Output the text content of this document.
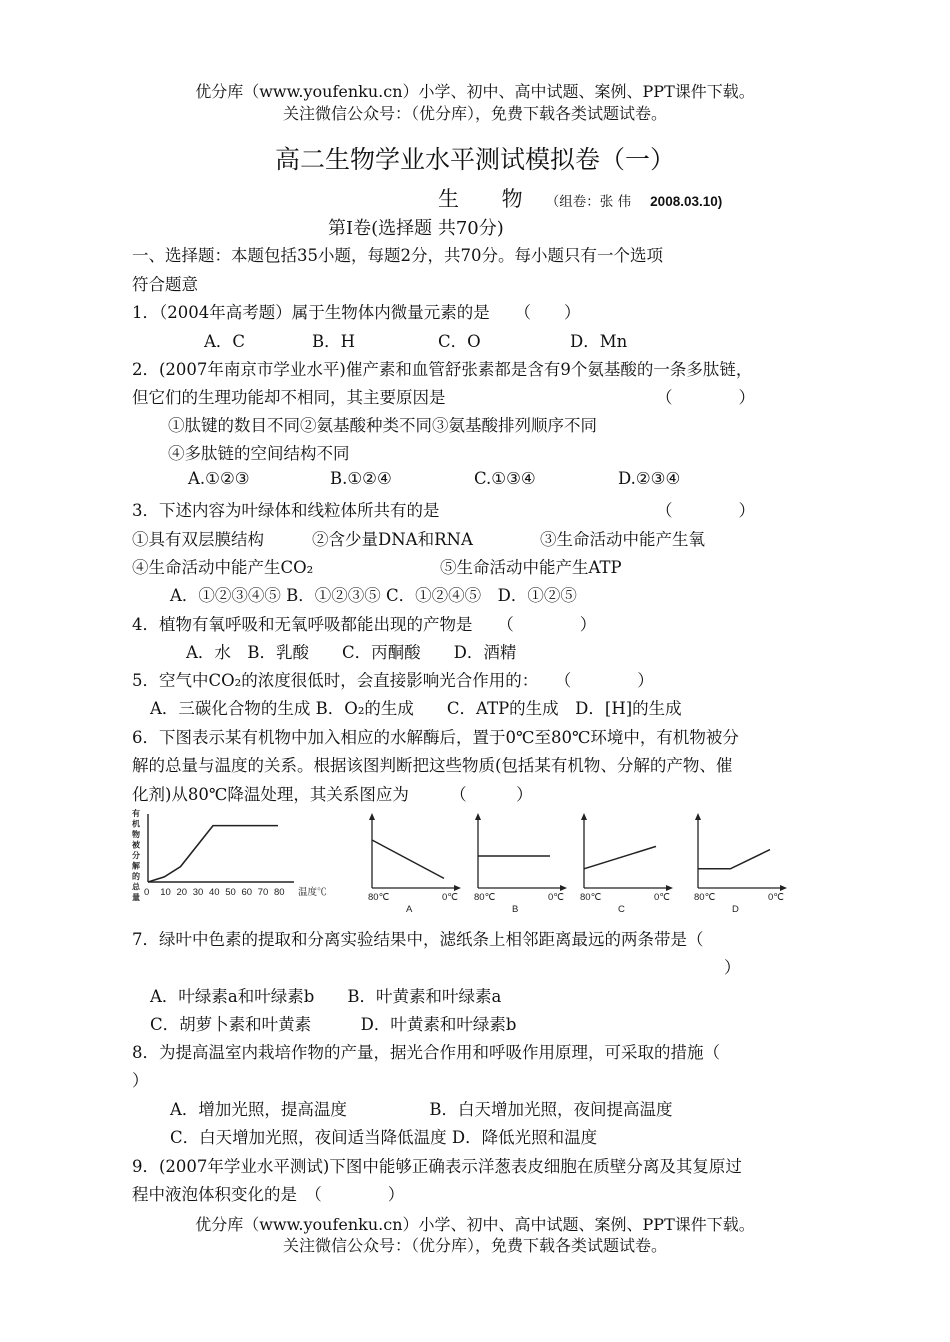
优分库（www.youfenku.cn）小学、初中、高中试题、案例、PPT课件下载。
关注微信公众号：（优分库），免费下载各类试题试卷。
高二生物学业水平测试模拟卷（一）
生 物 （组卷：张 伟 2008.03.10)
第Ⅰ卷(选择题 共70分)
一、选择题：本题包括35小题，每题2分，共70分。每小题只有一个选项
符合题意
1．（2004年高考题）属于生物体内微量元素的是　　（　　）
A．C	B．H	C．O	D．Mn
2．(2007年南京市学业水平)催产素和血管舒张素都是含有9个氨基酸的一条多肽链，
但它们的生理功能却不相同，其主要原因是	（　　　　）
①肽键的数目不同②氨基酸种类不同③氨基酸排列顺序不同
④多肽链的空间结构不同
A.①②③	B.①②④	C.①③④	D.②③④
3．下述内容为叶绿体和线粒体所共有的是	（　　　　）
①具有双层膜结构	②含少量DNA和RNA	③生命活动中能产生氧
④生命活动中能产生CO₂	⑤生命活动中能产生ATP
A．①②③④⑤ B．①②③⑤ C．①②④⑤　D．①②⑤
4．植物有氧呼吸和无氧呼吸都能出现的产物是　　（　　　　）
A．水　B．乳酸　　C．丙酮酸　　D．酒精
5．空气中CO₂的浓度很低时，会直接影响光合作用的：　　（　　　　）
A．三碳化合物的生成 B．O₂的生成　　C．ATP的生成　D．[H]的生成
6．下图表示某有机物中加入相应的水解酶后，置于0℃至80℃环境中，有机物被分
解的总量与温度的关系。根据该图判断把这些物质(包括某有机物、分解的产物、催
化剂)从80℃降温处理，其关系图应为　　　（　　　）
有
机
物
被
分
解
的
总
量 0 10 20 30 40 50 60 70 80 温度℃	80℃	0℃
A
80℃	0℃
B
80℃	0℃
C
80℃	0℃
D
7．绿叶中色素的提取和分离实验结果中，滤纸条上相邻距离最远的两条带是（
）
A．叶绿素a和叶绿素b　　B．叶黄素和叶绿素a
C．胡萝卜素和叶黄素　　　D．叶黄素和叶绿素b
8．为提高温室内栽培作物的产量，据光合作用和呼吸作用原理，可采取的措施（
）
A．增加光照，提高温度　　　　　B．白天增加光照，夜间提高温度
C．白天增加光照，夜间适当降低温度 D．降低光照和温度
9．(2007年学业水平测试)下图中能够正确表示洋葱表皮细胞在质壁分离及其复原过
程中液泡体积变化的是　（　　　　）
优分库（www.youfenku.cn）小学、初中、高中试题、案例、PPT课件下载。
关注微信公众号：（优分库），免费下载各类试题试卷。
